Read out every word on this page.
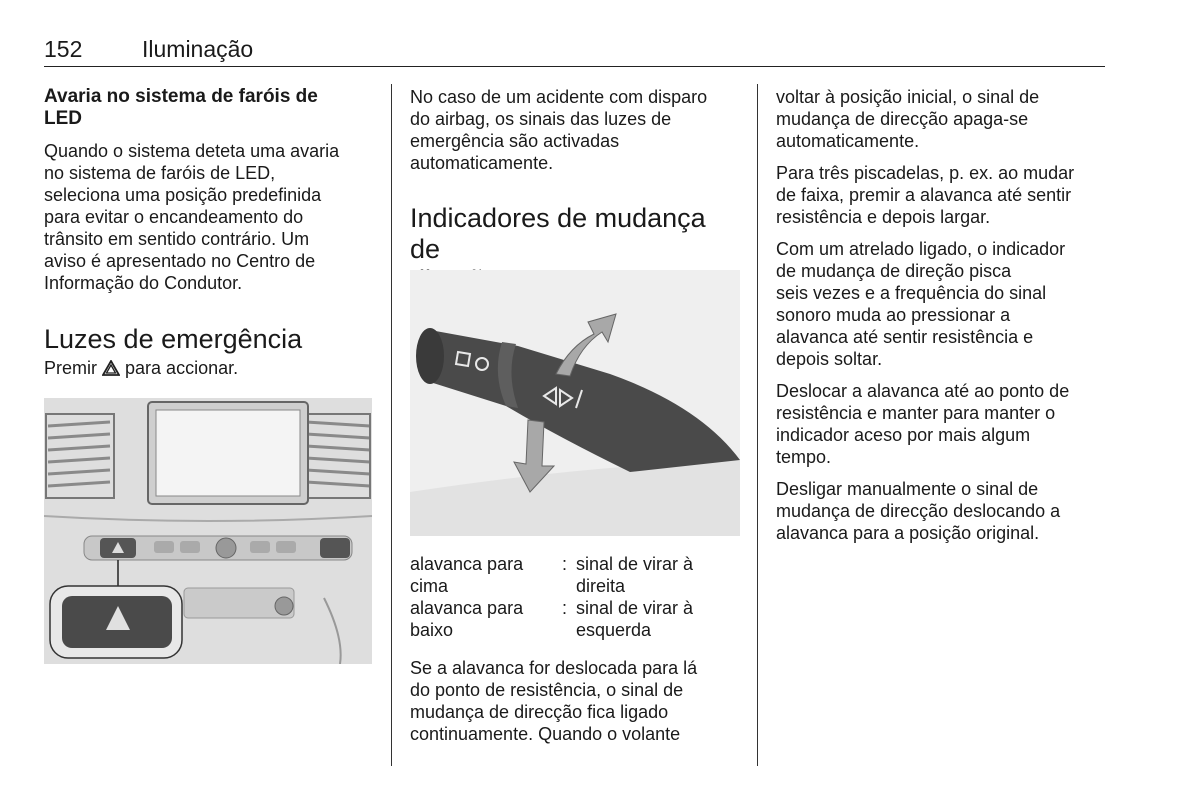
152	Iluminação
Avaria no sistema de faróis de
LED

Quando o sistema deteta uma avaria
no sistema de faróis de LED,
seleciona uma posição predefinida
para evitar o encandeamento do
trânsito em sentido contrário. Um
aviso é apresentado no Centro de
Informação do Condutor.

Luzes de emergência

Premir para accionar.

No caso de um acidente com disparo
do airbag, os sinais das luzes de
emergência são activadas
automaticamente.

Indicadores de mudança de
alavanca para
cima
: sinal de virar à
direita
alavanca para
baixo
: sinal de virar à
esquerda

Se a alavanca for deslocada para lá
do ponto de resistência, o sinal de
mudança de direcção fica ligado
continuamente. Quando o volante

voltar à posição inicial, o sinal de
mudança de direcção apaga-se
automaticamente.

Para três piscadelas, p. ex. ao mudar
de faixa, premir a alavanca até sentir
resistência e depois largar.

Com um atrelado ligado, o indicador
de mudança de direção pisca
seis vezes e a frequência do sinal
sonoro muda ao pressionar a
alavanca até sentir resistência e
depois soltar.

Deslocar a alavanca até ao ponto de
resistência e manter para manter o
indicador aceso por mais algum
tempo.

Desligar manualmente o sinal de
mudança de direcção deslocando a
alavanca para a posição original.
